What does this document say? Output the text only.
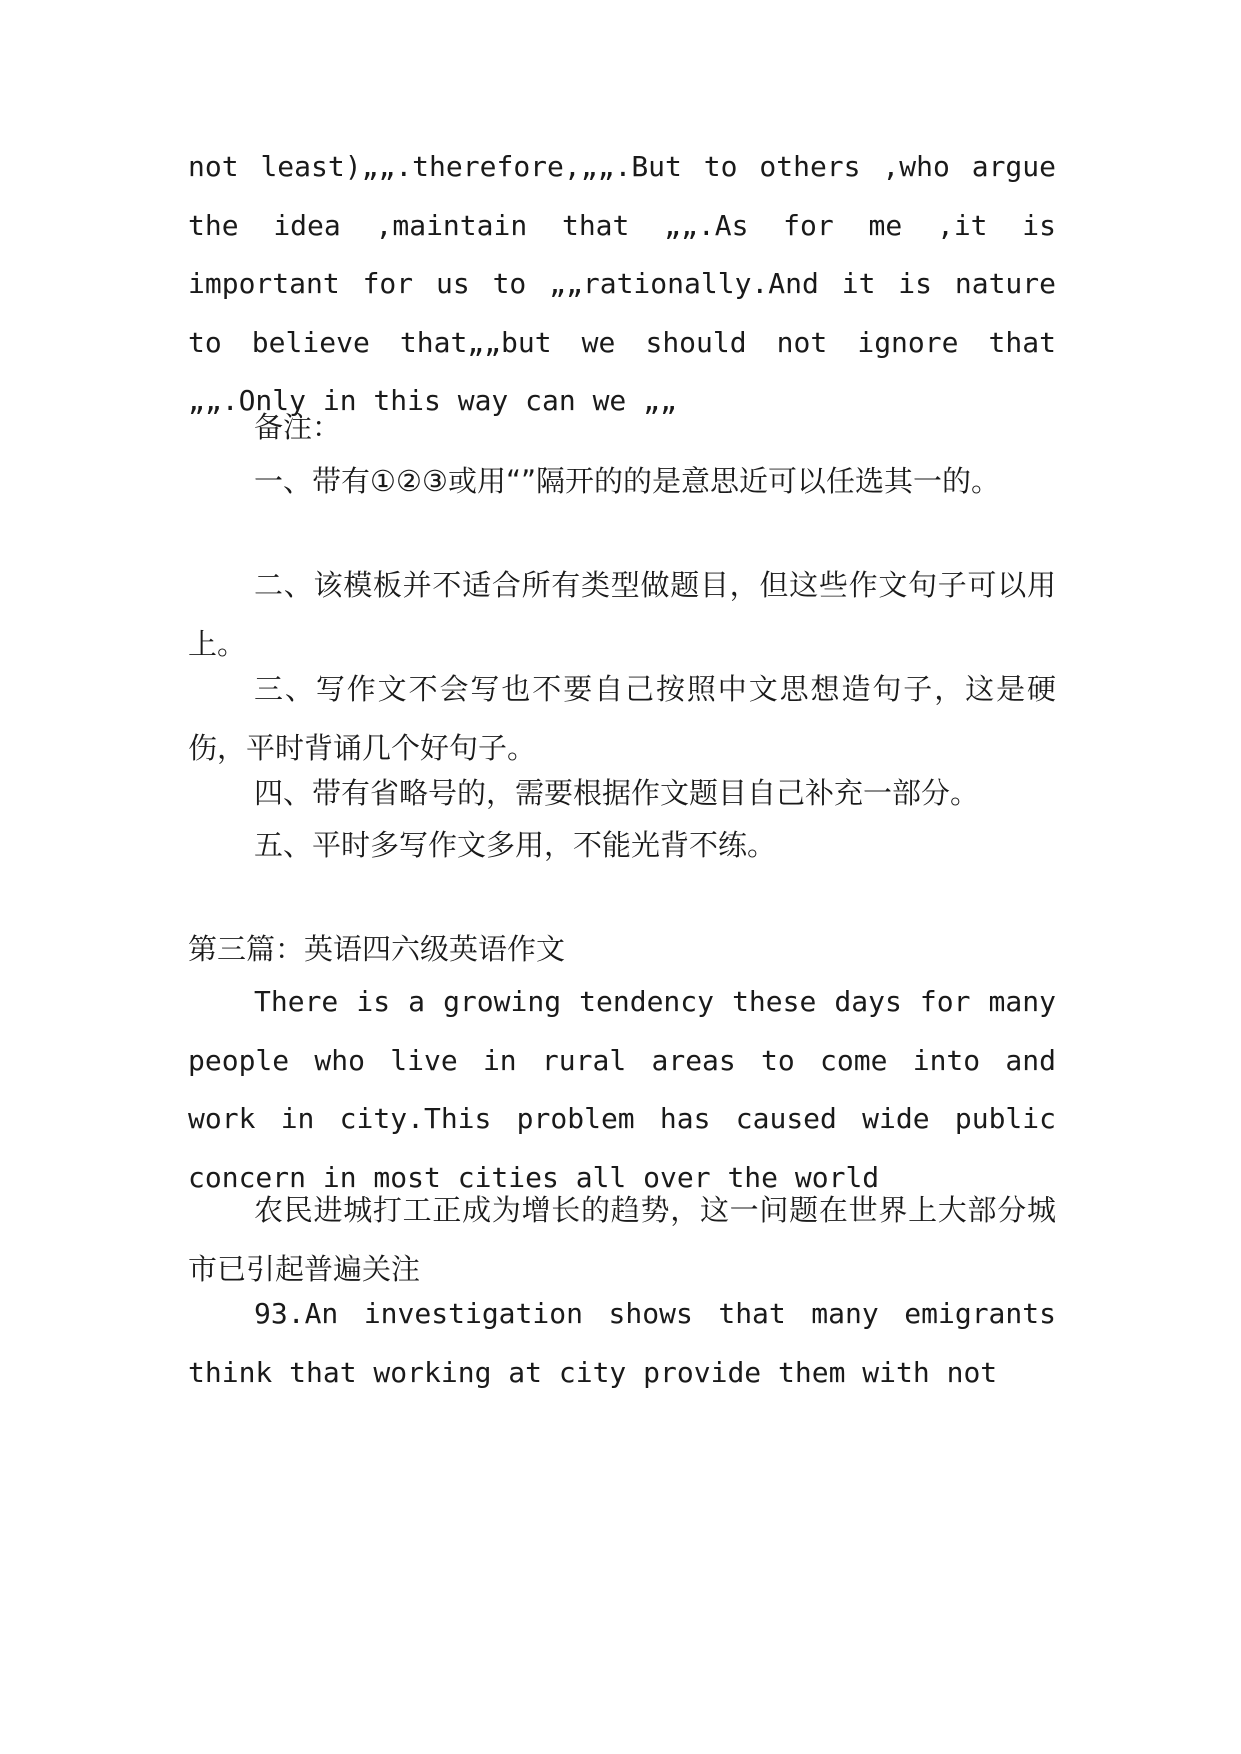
not least)„„.therefore,„„.But to others ,who argue the idea ,maintain that „„.As for me ,it is important for us to „„rationally.And it is nature to believe that„„but we should not ignore that „„.Only in this way can we „„
备注：
一、带有①②③或用“”隔开的的是意思近可以任选其一的。
二、该模板并不适合所有类型做题目，但这些作文句子可以用上。
三、写作文不会写也不要自己按照中文思想造句子，这是硬伤，平时背诵几个好句子。
四、带有省略号的，需要根据作文题目自己补充一部分。
五、平时多写作文多用，不能光背不练。
第三篇：英语四六级英语作文
There is a growing tendency these days for many people who live in rural areas to come into and work in city.This problem has caused wide public concern in most cities all over the world
农民进城打工正成为增长的趋势，这一问题在世界上大部分城市已引起普遍关注
93.An investigation shows that many emigrants think that working at city provide them with not
